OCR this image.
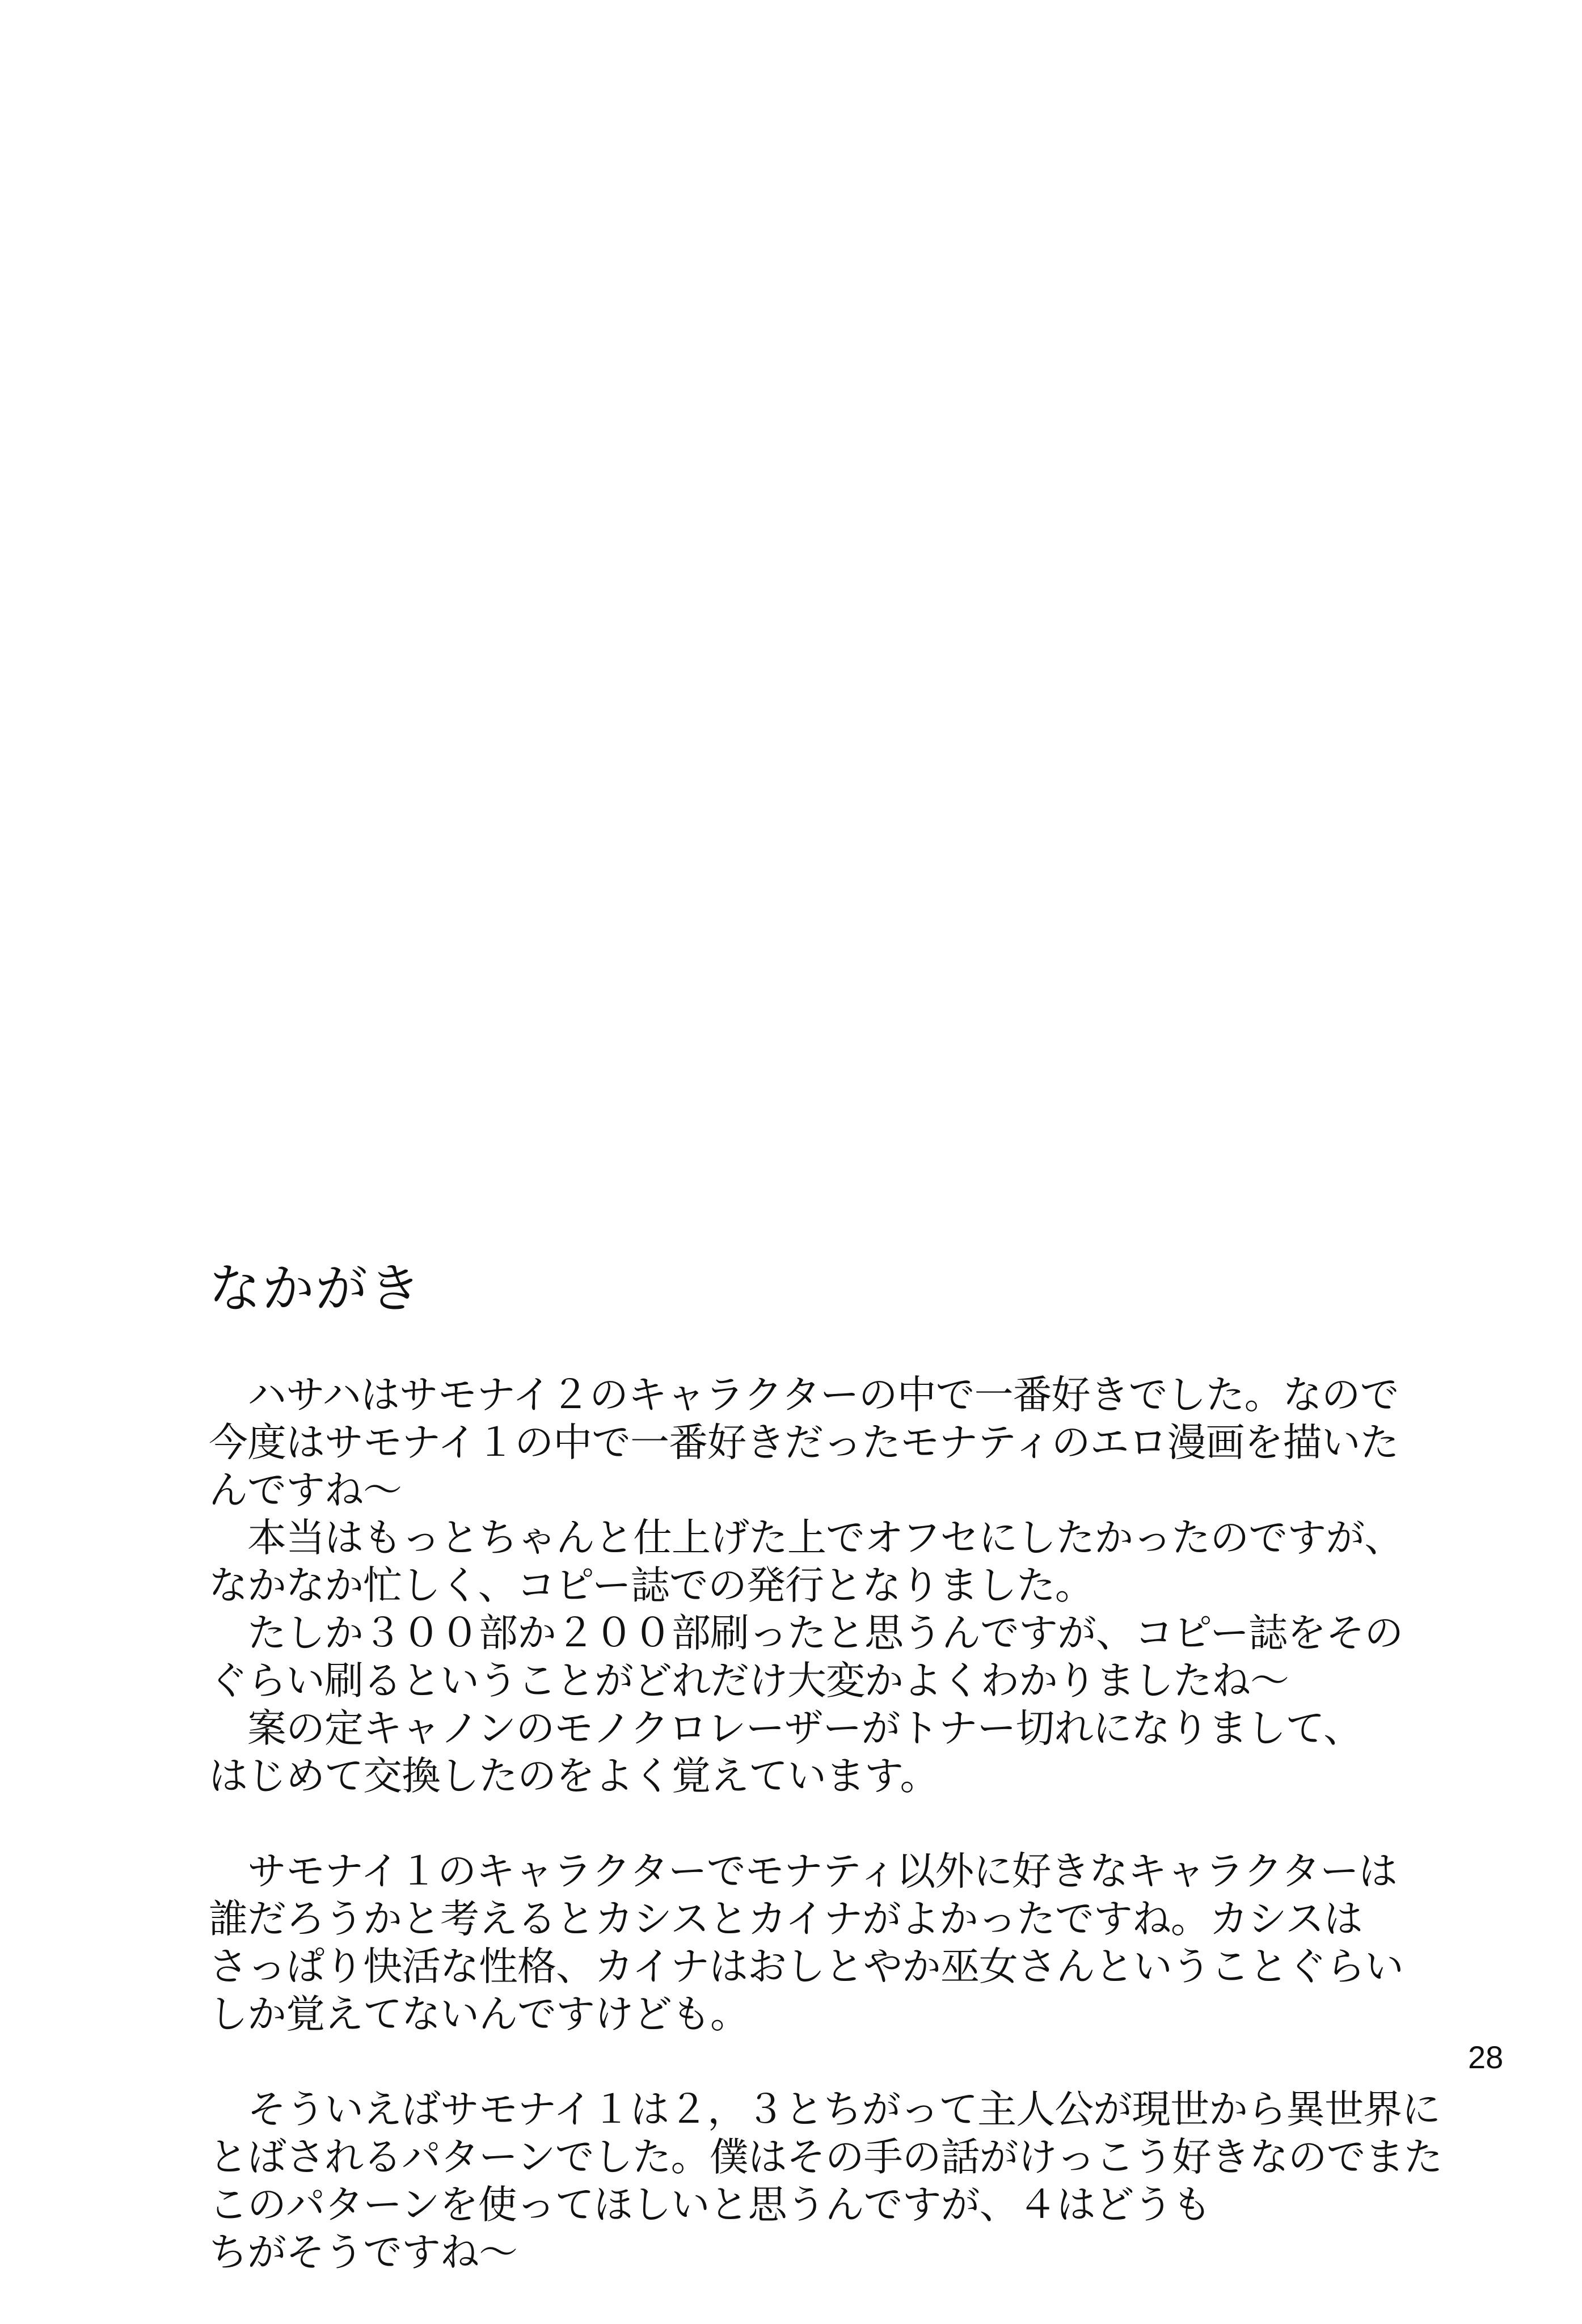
なかがき

　ハサハはサモナイ２のキャラクターの中で一番好きでした。なので
今度はサモナイ１の中で一番好きだったモナティのエロ漫画を描いた
んですね～
　本当はもっとちゃんと仕上げた上でオフセにしたかったのですが、
なかなか忙しく、コピー誌での発行となりました。
　たしか３００部か２００部刷ったと思うんですが、コピー誌をその
ぐらい刷るということがどれだけ大変かよくわかりましたね～
　案の定キャノンのモノクロレーザーがトナー切れになりまして、
はじめて交換したのをよく覚えています。

　サモナイ１のキャラクターでモナティ以外に好きなキャラクターは
誰だろうかと考えるとカシスとカイナがよかったですね。カシスは
さっぱり快活な性格、カイナはおしとやか巫女さんということぐらい
しか覚えてないんですけども。

　そういえばサモナイ１は２，３とちがって主人公が現世から異世界に
とばされるパターンでした。僕はその手の話がけっこう好きなのでまた
このパターンを使ってほしいと思うんですが、４はどうも
ちがそうですね～

28
